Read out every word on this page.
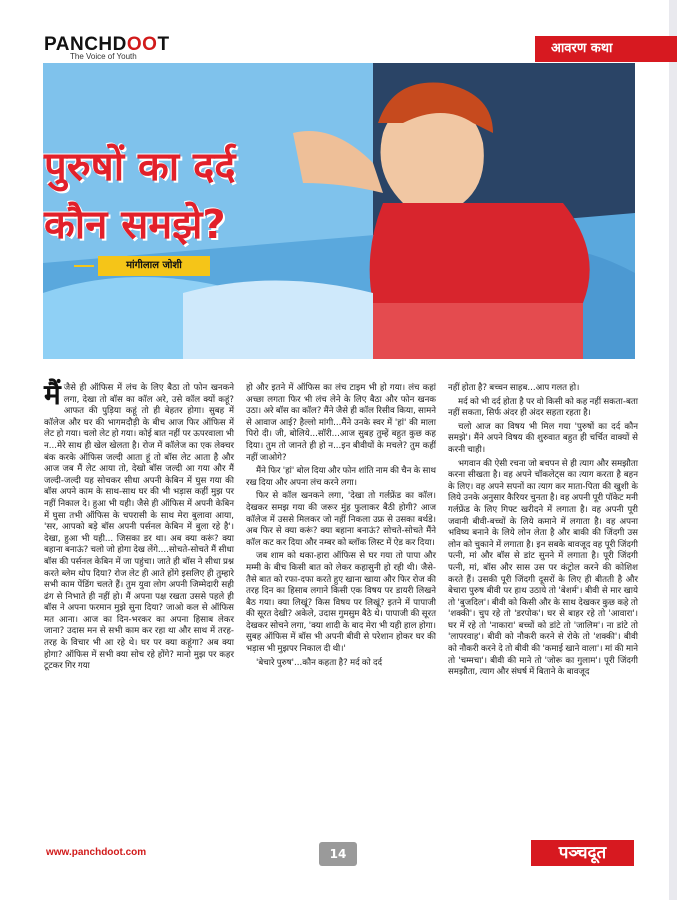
PANCHDOOT
The Voice of Youth
आवरण कथा
पुरुषों का दर्द
कौन समझे?
मांगीलाल जोशी

मैंजैसे ही ऑफिस में लंच के लिए बैठा तो फोन खनकने लगा, देखा तो बॉस का कॉल अरे, उसे कॉल क्यों कहूं? आफत की पुड़िया कहूं तो ही बेहतर होगा। सुबह में कॉलेज और घर की भागमदौड़ी के बीच आज फिर ऑफिस में लेट हो गया। चलो लेट हो गया। कोई बात नहीं पर ऊपरवाला भी न...मेरे साथ ही खेल खेलता है। रोज में कॉलेज का एक लेक्चर बंक करके ऑफिस जल्दी आता हूं तो बॉस लेट आता है और आज जब मैं लेट आया तो, देखो बॉस जल्दी आ गया और मैं जल्दी-जल्दी यह सोचकर सीधा अपनी केबिन में घुस गया की बॉस अपने काम के साथ-साथ घर की भी भड़ास कहीं मुझ पर नहीं निकाल दे। हुआ भी यही। जैसे ही ऑफिस में अपनी केबिन में घुसा तभी ऑफिस के चपरासी के साथ मेरा बुलावा आया, 'सर, आपको बड़े बॉस अपनी पर्सनल केबिन में बुला रहे है'। देखा, हुआ भी यही... जिसका डर था। अब क्या करूं? क्या बहाना बनाऊं? चलो जो होगा देख लेंगे....सोचते-सोचते मैं सीधा बॉस की पर्सनल केबिन में जा पहुंचा। जाते ही बॉस ने सीधा प्रश्न करते ब्लेम थोप दिया? रोज लेट ही आते होंगे इसलिए ही तुम्हारे सभी काम पेंडिंग चलते हैं। तुम युवा लोग अपनी जिम्मेदारी सही ढंग से निभाते ही नहीं हो। मैं अपना पक्ष रखता उससे पहले ही बॉस ने अपना फरमान मुझे सुना दिया? जाओ कल से ऑफिस मत आना। आज का दिन-भरकर का अपना हिसाब लेकर जाना? उदास मन से सभी काम कर रहा था और साथ में तरह-तरह के विचार भी आ रहे थे। घर पर क्या कहूंगा? अब क्या होगा? ऑफिस में सभी क्या सोच रहे होंगे? मानो मुझ पर कहर टूटकर गिर गया

हो और इतने में ऑफिस का लंच टाइम भी हो गया। लंच कहां अच्छा लगता फिर भी लंच लेने के लिए बैठा और फोन खनक उठा। अरे बॉस का कॉल? मैंने जैसे ही कॉल रिसीव किया, सामने से आवाज आई? हैल्लो मांगी...मैंने उनके स्वर में 'हां' की माला पिरो दी। जी, बोलिये...सॉरी...आज सुबह तुम्हें बहुत कुछ कह दिया। तुम तो जानते ही हो न...इन बीवीयों के मचले? तुम कहीं नहीं जाओगे?

मैंने फिर 'हां' बोल दिया और फोन शांति नाम की चैन के साथ रख दिया और अपना लंच करने लगा।

फिर से कॉल खनकने लगा, 'देखा तो गर्लफ्रेंड का कॉल। देखकर समझ गया की जरूर मुंह फुलाकर बैठी होगी? आज कॉलेज में उससे मिलकर जो नहीं निकला उफ्र से उसका बर्थडे। अब फिर से क्या करूं? क्या बहाना बनाऊं? सोचते-सोचते मैंने कॉल कट कर दिया और नम्बर को ब्लॉक लिस्ट में ऐड कर दिया।

जब शाम को थका-हारा ऑफिस से घर गया तो पापा और मम्मी के बीच किसी बात को लेकर कहासुनी हो रही थी। जैसे-तैसे बात को रफा-दफा करते हुए खाना खाया और फिर रोज की तरह दिन का हिसाब लगाने किसी एक विषय पर डायरी लिखने बैठ गया। क्या लिखूं? किस विषय पर लिखूं? इतने में पापाजी की सूरत देखी? अकेले, उदास गुमसुम बैठे थे। पापाजी की सूरत देखकर सोचने लगा, 'क्या शादी के बाद मेरा भी यही हाल होगा। सुबह ऑफिस में बॉस भी अपनी बीवी से परेशान होकर घर की भड़ास भी मुझपर निकाल दी थी।'

'बेचारे पुरुष'...कौन कहता है? मर्द को दर्द

नहीं होता है? बच्चन साहब...आप गलत हो।

मर्द को भी दर्द होता है पर वो किसी को कह नहीं सकता-बता नहीं सकता, सिर्फ अंदर ही अंदर सहता रहता है।

चलो आज का विषय भी मिल गया 'पुरुषों का दर्द कौन समझे'। मैंने अपने विषय की शुरुवात बहुत ही चर्चित वाक्यों से करनी चाही।

भगवान की ऐसी रचना जो बचपन से ही त्याग और समझौता करना सीखता है। वह अपने चॉकलेट्स का त्याग करता है बहन के लिए। वह अपने सपनों का त्याग कर माता-पिता की खुशी के लिये उनके अनुसार कैरियर चुनता है। वह अपनी पूरी पॉकेट मनी गर्लफ्रेंड के लिए गिफ्ट खरीदने में लगाता है। वह अपनी पूरी जवानी बीवी-बच्चों के लिये कमाने में लगाता है। वह अपना भविष्य बनाने के लिये लोन लेता है और बाकी की जिंदगी उस लोन को चुकाने में लगाता है। इन सबके बावजूद वह पूरी जिंदगी पत्नी, मां और बॉस से डांट सुनने में लगाता है। पूरी जिंदगी पत्नी, मां, बॉस और सास उस पर कंट्रोल करने की कोशिश करते हैं। उसकी पूरी जिंदगी दूसरों के लिए ही बीतती है और बेचारा पुरुष बीवी पर हाथ उठाये तो 'बेशर्म'। बीवी से मार खाये तो 'बुजदिल'। बीवी को किसी और के साथ देखकर कुछ कहे तो 'शक्की'। चुप रहे तो 'डरपोक'। घर से बाहर रहे तो 'आवारा'। घर में रहे तो 'नाकारा' बच्चों को डांटे तो 'जालिम'। ना डांटे तो 'लापरवाह'। बीवी को नौकरी करने से रोके तो 'शक्की'। बीवी को नौकरी करने दे तो बीवी की 'कमाई खाने वाला'। मां की माने तो 'चम्मचा'। बीवी की माने तो 'जोरू का गुलाम'। पूरी जिंदगी समझौता, त्याग और संघर्ष में बिताने के बावजूद

www.panchdoot.com	14	पञ्चदूत
